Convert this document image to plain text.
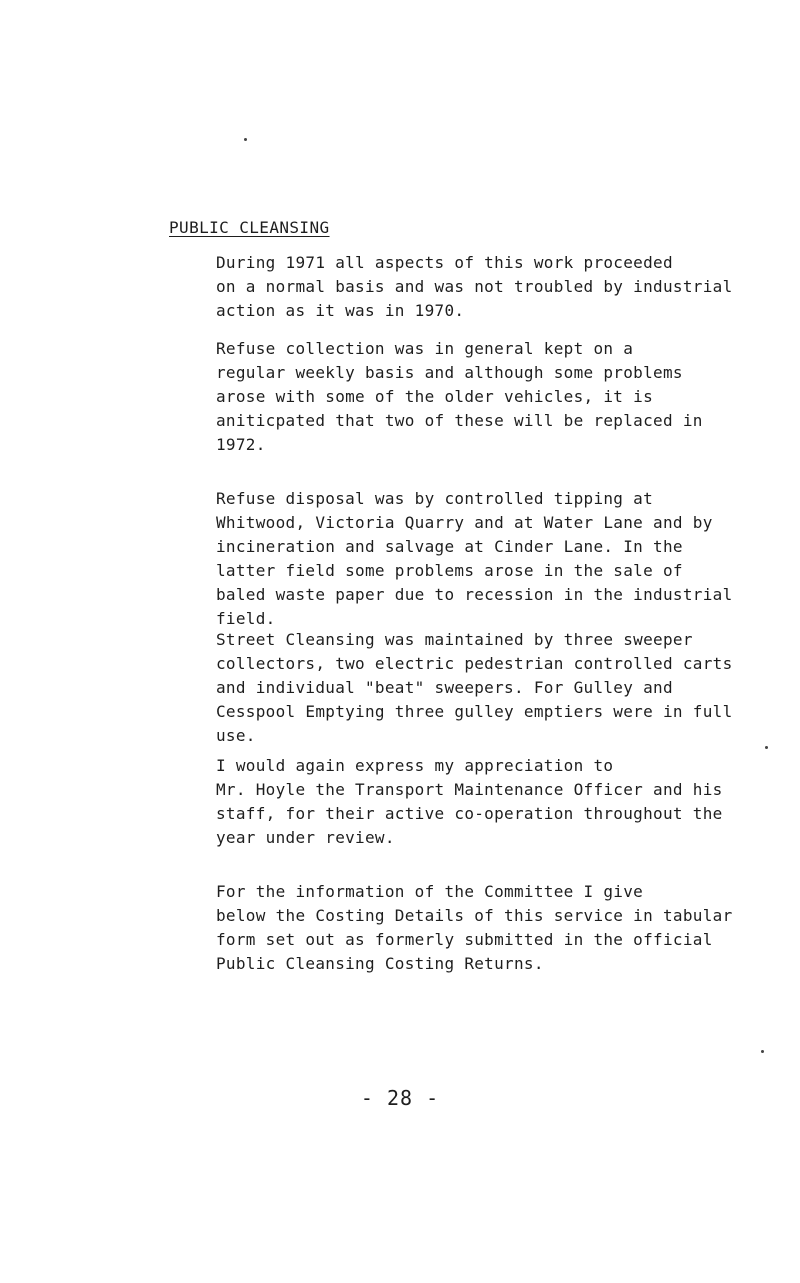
PUBLIC CLEANSING
During 1971 all aspects of this work proceeded
on a normal basis and was not troubled by industrial
action as it was in 1970.
Refuse collection was in general kept on a
regular weekly basis and although some problems
arose with some of the older vehicles, it is
aniticpated that two of these will be replaced in
1972.
Refuse disposal was by controlled tipping at
Whitwood, Victoria Quarry and at Water Lane and by
incineration and salvage at Cinder Lane. In the
latter field some problems arose in the sale of
baled waste paper due to recession in the industrial
field.
Street Cleansing was maintained by three sweeper
collectors, two electric pedestrian controlled carts
and individual "beat" sweepers. For Gulley and
Cesspool Emptying three gulley emptiers were in full
use.
I would again express my appreciation to
Mr. Hoyle the Transport Maintenance Officer and his
staff, for their active co-operation throughout the
year under review.
For the information of the Committee I give
below the Costing Details of this service in tabular
form set out as formerly submitted in the official
Public Cleansing Costing Returns.
- 28 -
